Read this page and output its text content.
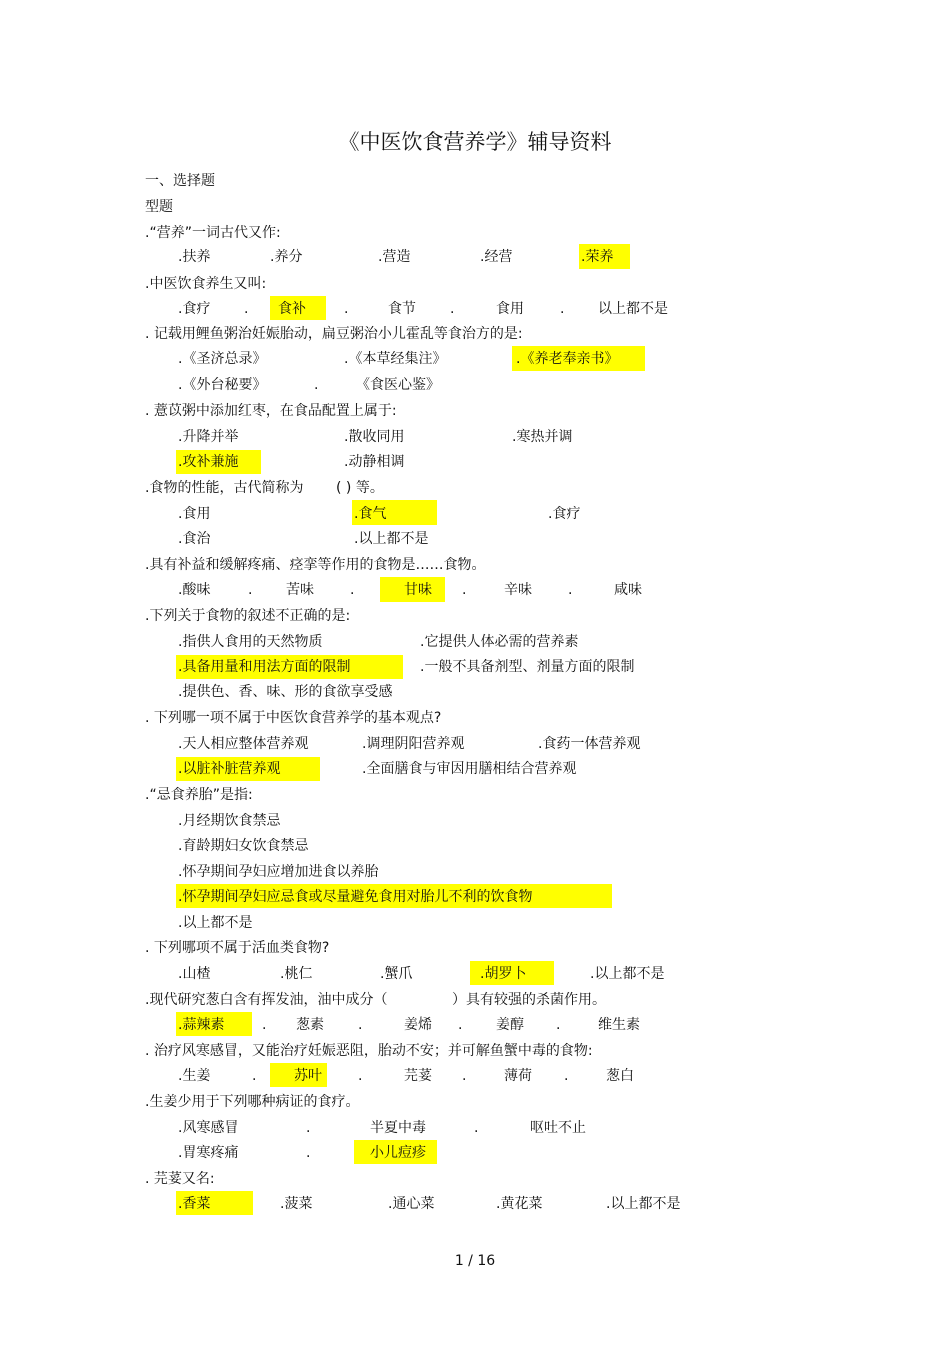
《中医饮食营养学》辅导资料
一、选择题
型题
.“营养”一词古代又作:
.扶养	.养分	.营造	.经营	.荣养
.中医饮食养生又叫:
.食疗 . 食补	.	食节 .	食用	. 以上都不是
. 记载用鲤鱼粥治妊娠胎动，扁豆粥治小儿霍乱等食治方的是:
.《圣济总录》	.《本草经集注》	.《养老奉亲书》
.《外台秘要》	.	《食医心鉴》
. 薏苡粥中添加红枣，在食品配置上属于:
.升降并举	.散收同用	.寒热并调
.攻补兼施	.动静相调
.食物的性能，古代简称为 ( ) 等。
.食用	.食气	.食疗
.食治	.以上都不是
.具有补益和缓解疼痛、痉挛等作用的食物是……食物。
.酸味	. 苦味	.	甘味 .	辛味	.	咸味
.下列关于食物的叙述不正确的是:
.指供人食用的天然物质	.它提供人体必需的营养素
.具备用量和用法方面的限制	.一般不具备剂型、剂量方面的限制
.提供色、香、味、形的食欲享受感
. 下列哪一项不属于中医饮食营养学的基本观点?
.天人相应整体营养观	.调理阴阳营养观	.食药一体营养观
.以脏补脏营养观	.全面膳食与审因用膳相结合营养观
.“忌食养胎”是指:
.月经期饮食禁忌
.育龄期妇女饮食禁忌
.怀孕期间孕妇应增加进食以养胎
.怀孕期间孕妇应忌食或尽量避免食用对胎儿不利的饮食物
.以上都不是
. 下列哪项不属于活血类食物?
.山楂	.桃仁	.蟹爪	.胡罗卜	.以上都不是
.现代研究葱白含有挥发油，油中成分（	）具有较强的杀菌作用。
.蒜辣素	. 葱素 .	姜烯 . 姜醇 .	维生素
. 治疗风寒感冒，又能治疗妊娠恶阻，胎动不安；并可解鱼蟹中毒的食物:
.生姜	.	苏叶	.	芫荽 .	薄荷 .	葱白
.生姜少用于下列哪种病证的食疗。
.风寒感冒	.	半夏中毒	.	呕吐不止
.胃寒疼痛	.	小儿痘疹
. 芫荽又名:
.香菜	.菠菜	.通心菜	.黄花菜	.以上都不是
1 / 16
